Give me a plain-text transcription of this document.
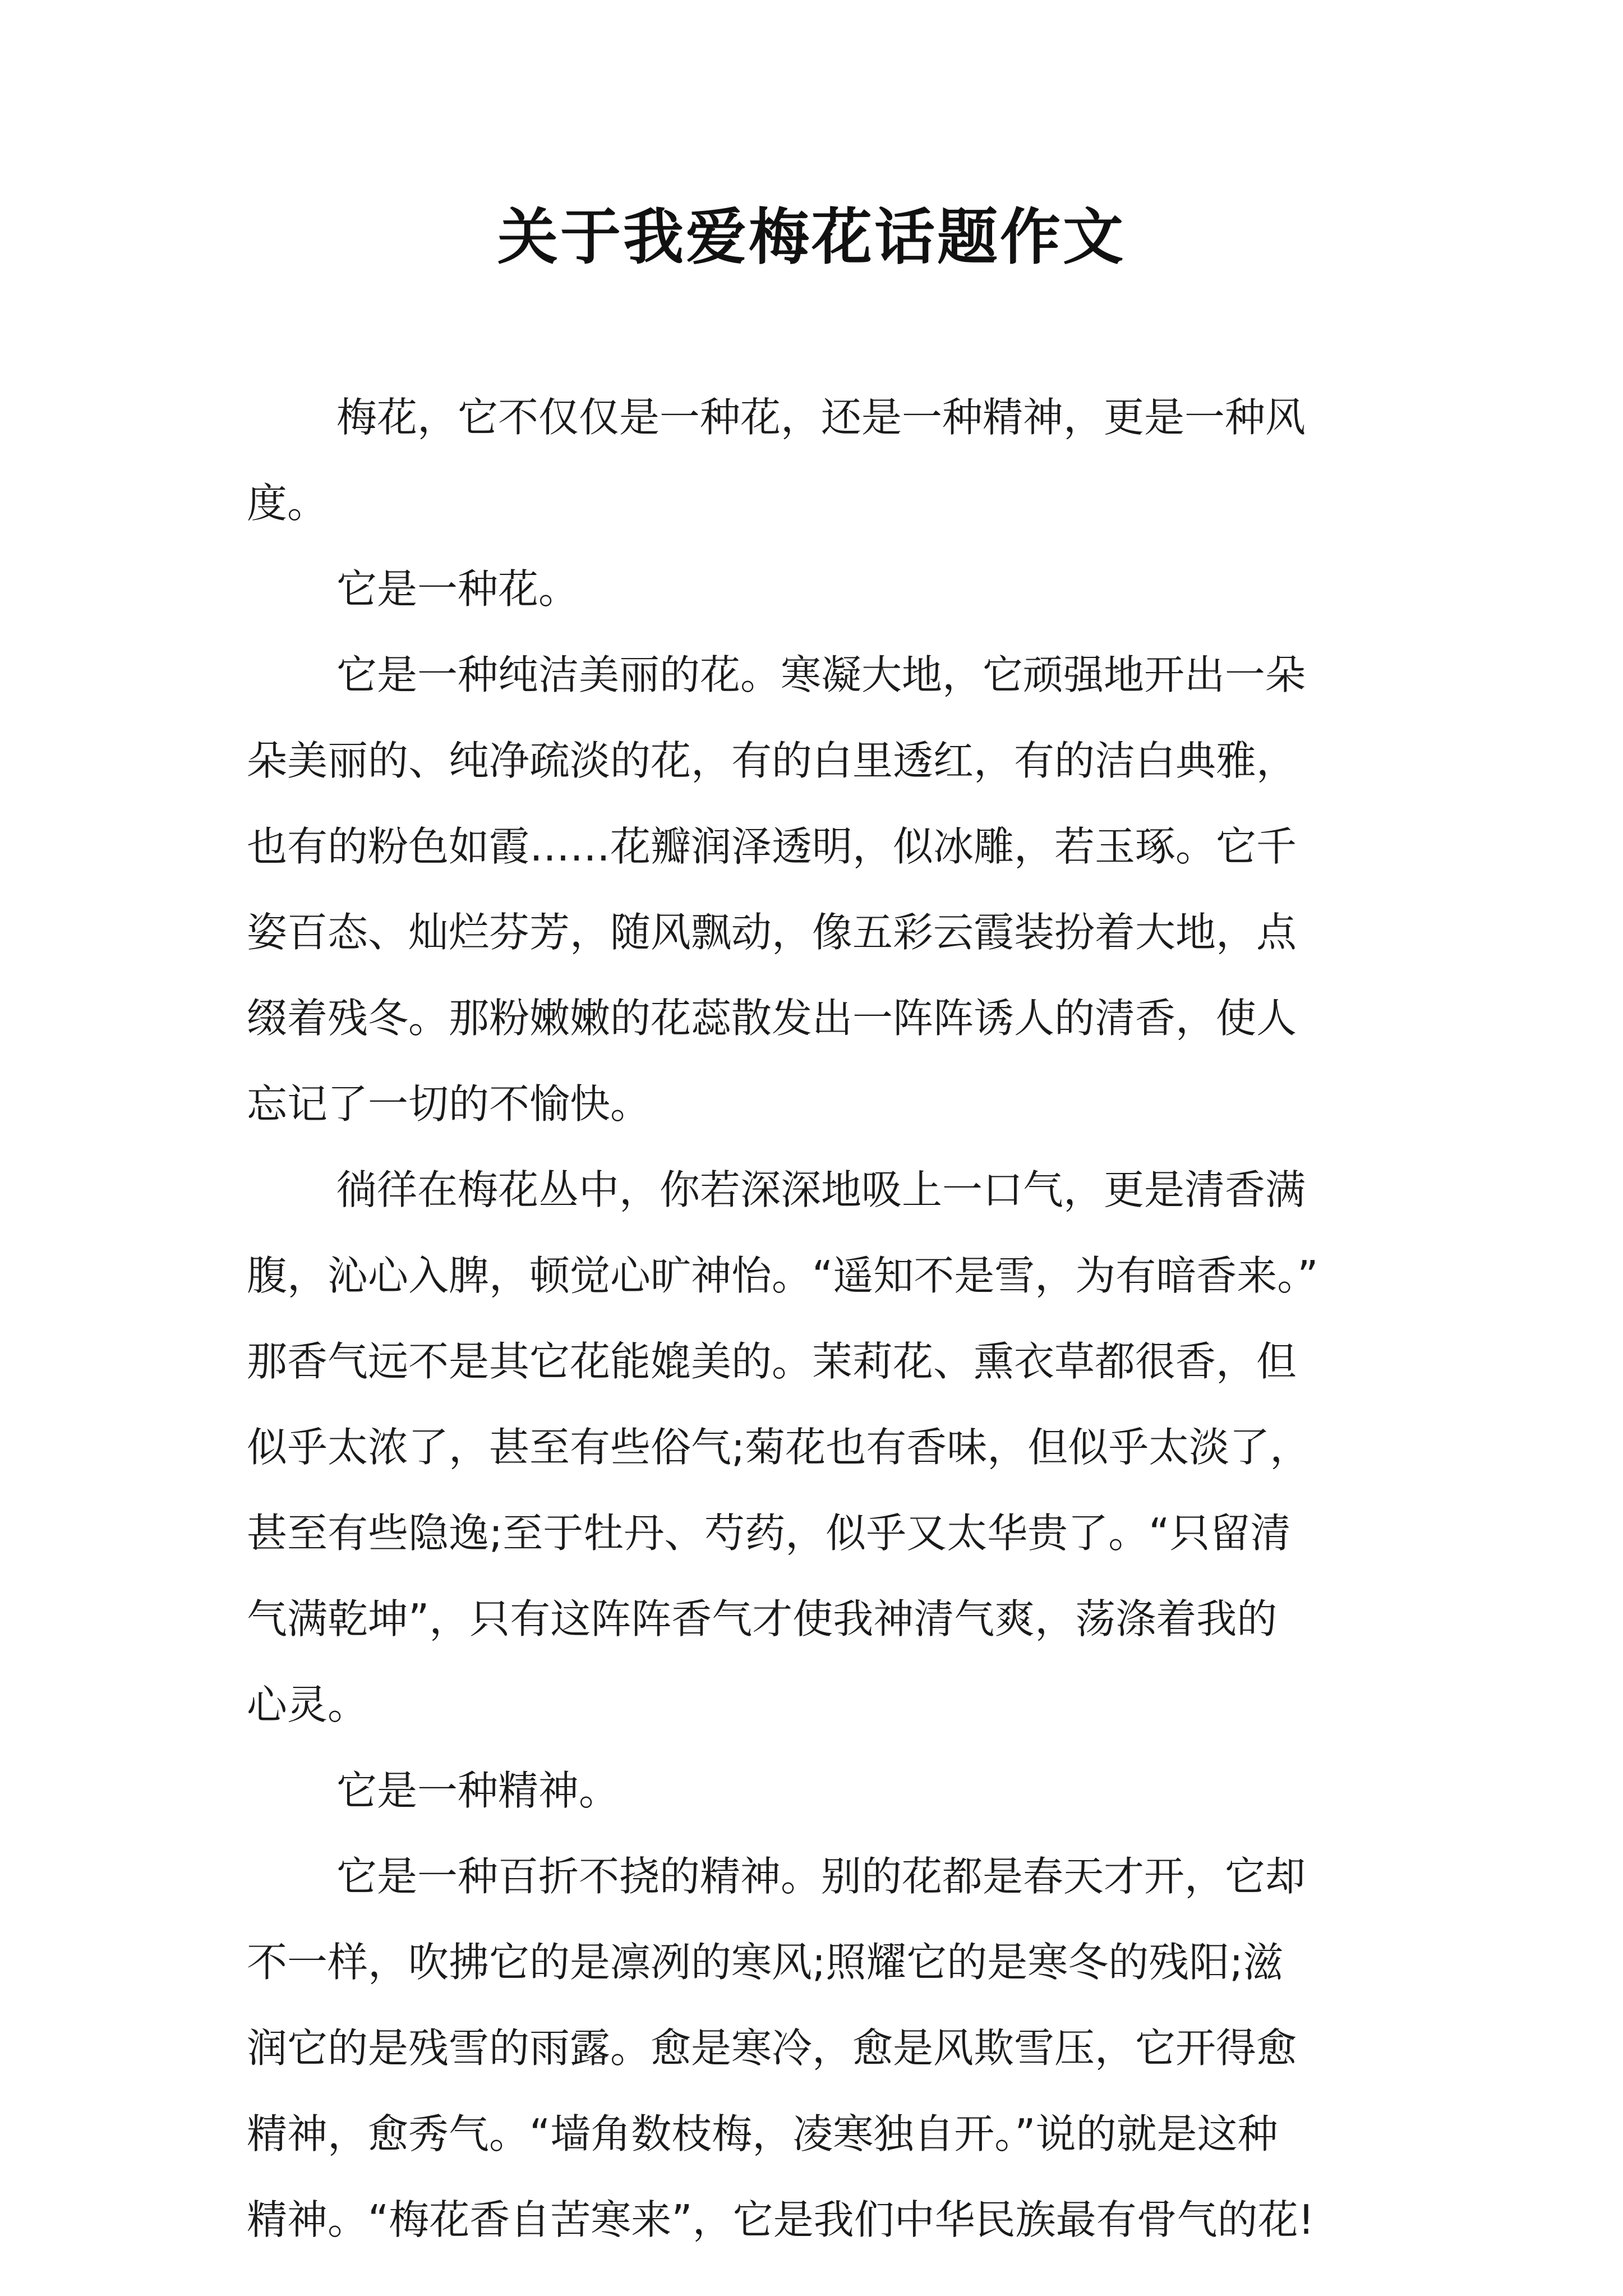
关于我爱梅花话题作文
梅花，它不仅仅是一种花，还是一种精神，更是一种风
度。
它是一种花。
它是一种纯洁美丽的花。寒凝大地，它顽强地开出一朵
朵美丽的、纯净疏淡的花，有的白里透红，有的洁白典雅，
也有的粉色如霞……花瓣润泽透明，似冰雕，若玉琢。它千
姿百态、灿烂芬芳，随风飘动，像五彩云霞装扮着大地，点
缀着残冬。那粉嫩嫩的花蕊散发出一阵阵诱人的清香，使人
忘记了一切的不愉快。
徜徉在梅花丛中，你若深深地吸上一口气，更是清香满
腹，沁心入脾，顿觉心旷神怡。“遥知不是雪，为有暗香来。”
那香气远不是其它花能媲美的。茉莉花、熏衣草都很香，但
似乎太浓了，甚至有些俗气;菊花也有香味，但似乎太淡了，
甚至有些隐逸;至于牡丹、芍药，似乎又太华贵了。“只留清
气满乾坤”，只有这阵阵香气才使我神清气爽，荡涤着我的
心灵。
它是一种精神。
它是一种百折不挠的精神。别的花都是春天才开，它却
不一样，吹拂它的是凛冽的寒风;照耀它的是寒冬的残阳;滋
润它的是残雪的雨露。愈是寒冷，愈是风欺雪压，它开得愈
精神，愈秀气。“墙角数枝梅，凌寒独自开。”说的就是这种
精神。“梅花香自苦寒来”，它是我们中华民族最有骨气的花!
